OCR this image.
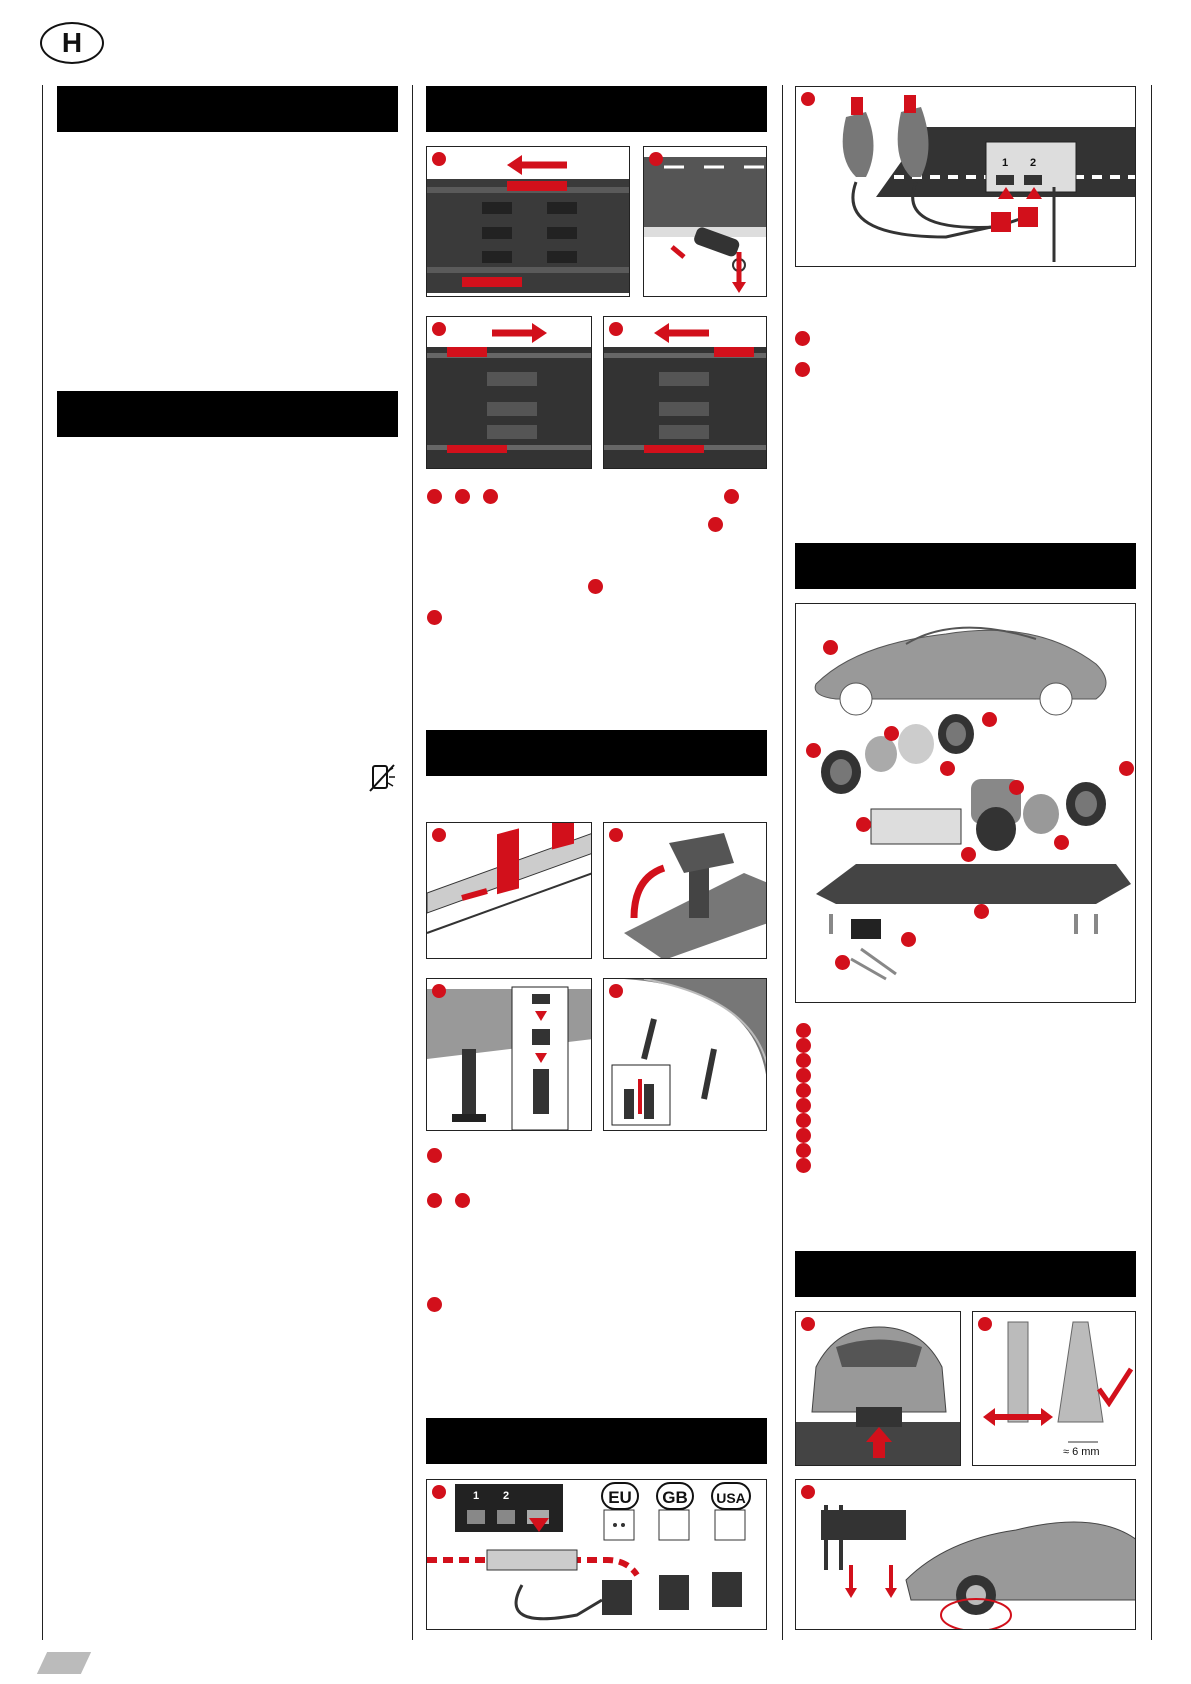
H
EU	GB	USA
1 2
1 2
≈ 6 mm
